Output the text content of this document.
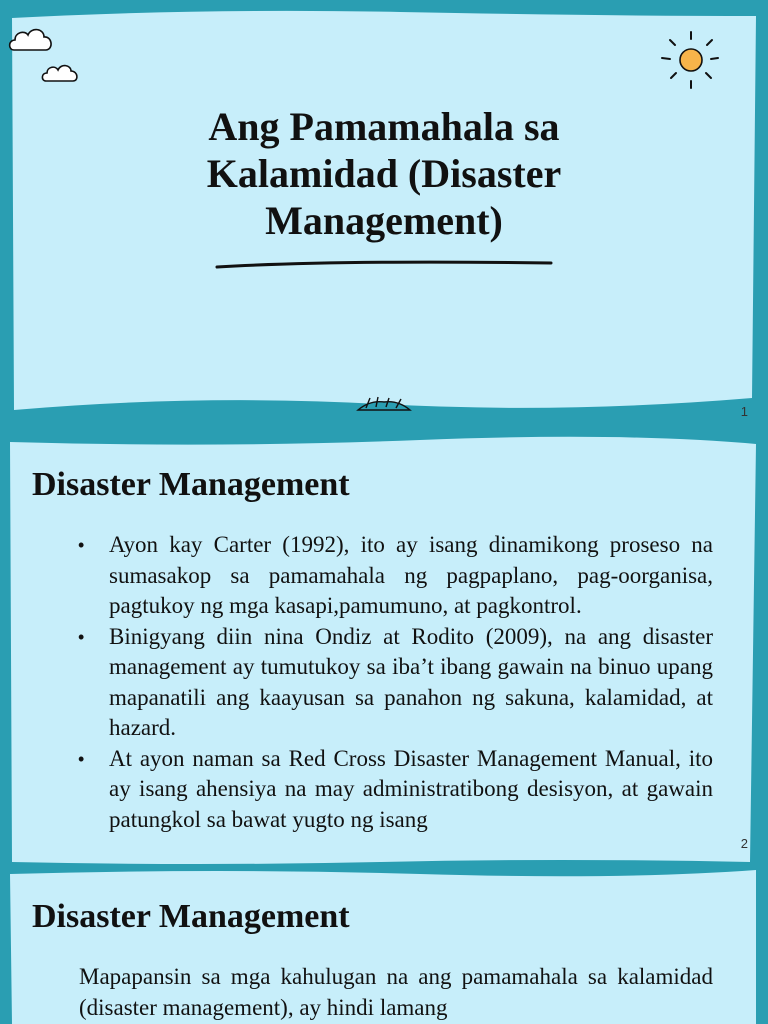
Ang Pamamahala sa Kalamidad (Disaster Management)
1
Disaster Management
• Ayon kay Carter (1992), ito ay isang dinamikong proseso na sumasakop sa pamamahala ng pagpaplano, pag-oorganisa, pagtukoy ng mga kasapi,pamumuno, at pagkontrol.
• Binigyang diin nina Ondiz at Rodito (2009), na ang disaster management ay tumutukoy sa iba’t ibang gawain na binuo upang mapanatili ang kaayusan sa panahon ng sakuna, kalamidad, at hazard.
• At ayon naman sa Red Cross Disaster Management Manual, ito ay isang ahensiya na may administratibong desisyon, at gawain patungkol sa bawat yugto ng isang
2
Disaster Management

Mapapansin sa mga kahulugan na ang pamamahala sa kalamidad (disaster management), ay hindi lamang
